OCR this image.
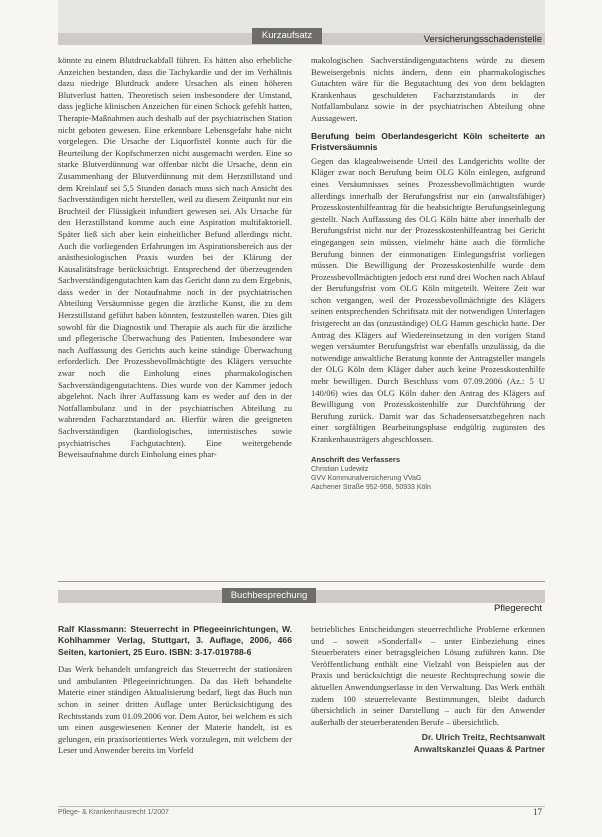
Kurzaufsatz	Versicherungsschadenstelle

könnte zu einem Blutdruckabfall führen. Es hätten also erhebliche Anzeichen bestanden, dass die Tachykardie und der im Verhältnis dazu niedrige Blutdruck andere Ursachen als einen höheren Blutverlust hatten. Theoretisch seien insbesondere der Umstand, dass jegliche klinischen Anzeichen für einen Schock gefehlt hatten, Therapie-Maßnahmen auch deshalb auf der psychiatrischen Station nicht geboten gewesen. Eine erkennbare Lebensgefahr habe nicht vorgelegen. Die Ursache der Liquorfistel konnte auch für die Beurteilung der Kopfschmerzen nicht ausgemacht werden. Eine so starke Blutverdünnung war offenbar nicht die Ursache, denn ein Zusammenhang der Blutverdünnung mit dem Herzstillstand und dem Kreislauf sei 5,5 Stunden danach muss sich nach Ansicht des Sachverständigen nicht herstellen, weil zu diesem Zeitpunkt nur ein Bruchteil der Flüssigkeit infundiert gewesen sei. Als Ursache für den Herzstillstand komme auch eine Aspiration multifaktoriell. Später ließ sich aber kein einheitlicher Befund allerdings nicht. Auch die vorliegenden Erfahrungen im Aspirationsbereich aus der anästhesiologischen Praxis wurden bei der Klärung der Kausalitätsfrage berücksichtigt. Entsprechend der überzeugenden Sachverständigengutachten kam das Gericht dann zu dem Ergebnis, dass weder in der Notaufnahme noch in der psychiatrischen Abteilung Versäumnisse gegen die ärztliche Kunst, die zu dem Herzstillstand geführt haben könnten, festzustellen waren. Dies gilt sowohl für die Diagnostik und Therapie als auch für die ärztliche und pflegerische Überwachung des Patienten. Insbesondere war nach Auffassung des Gerichts auch keine ständige Überwachung erforderlich. Der Prozessbevollmächtigte des Klägers versuchte zwar noch die Einholung eines pharmakologischen Sachverständigengutachtens. Dies wurde von der Kammer jedoch abgelehnt. Nach ihrer Auffassung kam es weder auf den in der Notfallambulanz und in der psychiatrischen Abteilung zu wahrenden Facharztstandard an. Hierfür wären die geeigneten Sachverständigen (kardiologisches, internistisches sowie psychiatrisches Fachgutachten). Eine weitergehende Beweisaufnahme durch Einholung eines phar-

makologischen Sachverständigengutachtens würde zu diesem Beweisergebnis nichts ändern, denn ein pharmakologisches Gutachten wäre für die Begutachtung des von dem beklagten Krankenhaus geschuldeten Facharztstandards in der Notfallambulanz sowie in der psychiatrischen Abteilung ohne Aussagewert.

Berufung beim Oberlandesgericht Köln scheiterte an Fristversäumnis

Gegen das klageabweisende Urteil des Landgerichts wollte der Kläger zwar noch Berufung beim OLG Köln einlegen, aufgrund eines Versäumnisses seines Prozessbevollmächtigten wurde allerdings innerhalb der Berufungsfrist nur ein (anwaltsfähiger) Prozesskostenhilfeantrag für die beabsichtigte Berufungseinlegung gestellt. Nach Auffassung des OLG Köln hätte aber innerhalb der Berufungsfrist nicht nur der Prozesskostenhilfeantrag bei Gericht eingegangen sein müssen, vielmehr hätte auch die förmliche Berufung binnen der einmonatigen Einlegungsfrist vorliegen müssen. Die Bewilligung der Prozesskostenhilfe wurde dem Prozessbevollmächtigten jedoch erst rund drei Wochen nach Ablauf der Berufungsfrist vom OLG Köln mitgeteilt. Weitere Zeit war schon vergangen, weil der Prozessbevollmächtigte des Klägers seinen entsprechenden Schriftsatz mit der notwendigen Unterlagen fristgerecht an das (unzuständige) OLG Hamm geschickt hatte. Der Antrag des Klägers auf Wiedereinsetzung in den vorigen Stand wegen versäumter Berufungsfrist war ebenfalls unzulässig, da die notwendige anwaltliche Beratung konnte der Antragsteller mangels der OLG Köln dem Kläger daher auch keine Prozesskostenhilfe mehr bewilligen. Durch Beschluss vom 07.09.2006 (Az.: 5 U 140/06) wies das OLG Köln daher den Antrag des Klägers auf Bewilligung von Prozesskostenhilfe zur Durchführung der Berufung zurück. Damit war das Schadensersatzbegehren nach einer sorgfältigen Bearbeitungsphase endgültig zugunsten des Krankenhausträgers abgeschlossen.

Anschrift des Verfassers
Christian Ludewitz
GVV Kommunalversicherung VVaG
Aachener Straße 952-958, 50933 Köln
Buchbesprechung
Pflegerecht
Ralf Klassmann: Steuerrecht in Pflegeeinrichtungen, W. Kohlhammer Verlag, Stuttgart, 3. Auflage, 2006, 466 Seiten, kartoniert, 25 Euro. ISBN: 3-17-019788-6

Das Werk behandelt umfangreich das Steuerrecht der stationären und ambulanten Pflegeeinrichtungen. Da das Heft behandelte Materie einer ständigen Aktualisierung bedarf, liegt das Buch nun schon in seiner dritten Auflage unter Berücksichtigung des Rechtsstands zum 01.09.2006 vor. Dem Autor, bei welchem es sich um einen ausgewiesenen Kenner der Materie handelt, ist es gelungen, ein praxisorientiertes Werk vorzulegen, mit welchem der Leser und Anwender bereits im Vorfeld

betriebliches Entscheidungen steuerrechtliche Probleme erkennen und – soweit »Sonderfall« – unter Einbeziehung eines Steuerberaters einer betragsgleichen Lösung zuführen kann. Die Veröffentlichung enthält eine Vielzahl von Beispielen aus der Praxis und berücksichtigt die neueste Rechtsprechung sowie die aktuellen Anwendungserlasse in den Verwaltung. Das Werk enthält zudem 100 steuerrelevante Bestimmungen, bleibt dadurch übersichtlich in seiner Darstellung – auch für den Anwender außerhalb der steuerberatenden Berufe – übersichtlich.

Dr. Ulrich Treitz, Rechtsanwalt
Anwaltskanzlei Quaas & Partner
Pflege- & Krankenhausrecht 1/2007	17
